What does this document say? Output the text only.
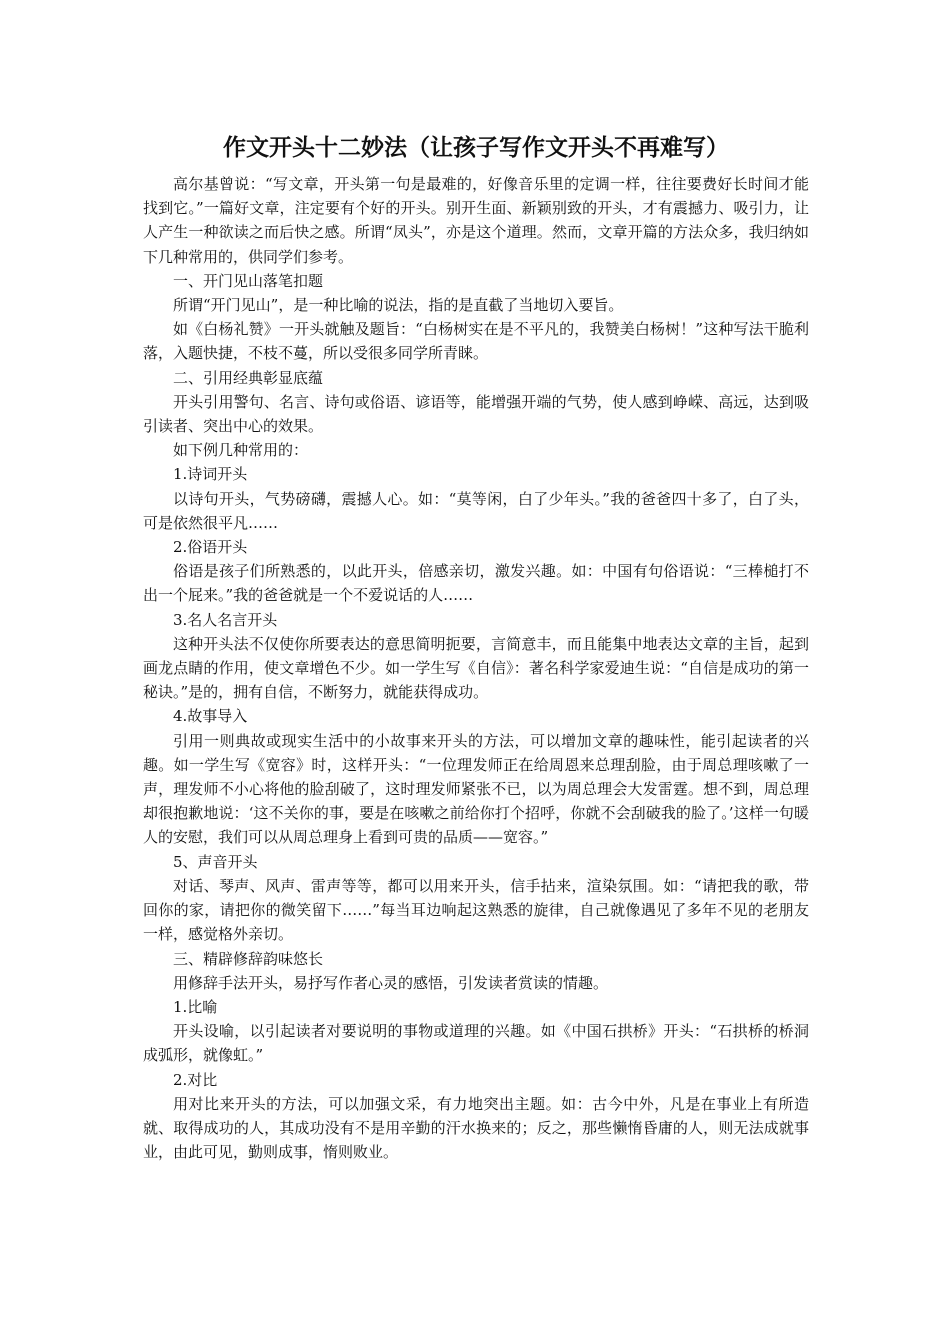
作文开头十二妙法（让孩子写作文开头不再难写）

高尔基曾说：“写文章，开头第一句是最难的，好像音乐里的定调一样，往往要费好长时间才能找到它。”一篇好文章，注定要有个好的开头。别开生面、新颖别致的开头，才有震撼力、吸引力，让人产生一种欲读之而后快之感。所谓“凤头”，亦是这个道理。然而，文章开篇的方法众多，我归纳如下几种常用的，供同学们参考。

一、开门见山落笔扣题

所谓“开门见山”，是一种比喻的说法，指的是直截了当地切入要旨。

如《白杨礼赞》一开头就触及题旨：“白杨树实在是不平凡的，我赞美白杨树！”这种写法干脆利落，入题快捷，不枝不蔓，所以受很多同学所青睐。

二、引用经典彰显底蕴

开头引用警句、名言、诗句或俗语、谚语等，能增强开端的气势，使人感到峥嵘、高远，达到吸引读者、突出中心的效果。

如下例几种常用的：

1.诗词开头

以诗句开头，气势磅礴，震撼人心。如：“莫等闲，白了少年头。”我的爸爸四十多了，白了头，可是依然很平凡……

2.俗语开头

俗语是孩子们所熟悉的，以此开头，倍感亲切，激发兴趣。如：中国有句俗语说：“三棒槌打不出一个屁来。”我的爸爸就是一个不爱说话的人……

3.名人名言开头

这种开头法不仅使你所要表达的意思简明扼要，言简意丰，而且能集中地表达文章的主旨，起到画龙点睛的作用，使文章增色不少。如一学生写《自信》：著名科学家爱迪生说：“自信是成功的第一秘诀。”是的，拥有自信，不断努力，就能获得成功。

4.故事导入

引用一则典故或现实生活中的小故事来开头的方法，可以增加文章的趣味性，能引起读者的兴趣。如一学生写《宽容》时，这样开头：“一位理发师正在给周恩来总理刮脸，由于周总理咳嗽了一声，理发师不小心将他的脸刮破了，这时理发师紧张不已，以为周总理会大发雷霆。想不到，周总理却很抱歉地说：‘这不关你的事，要是在咳嗽之前给你打个招呼，你就不会刮破我的脸了。’这样一句暖人的安慰，我们可以从周总理身上看到可贵的品质——宽容。”

5、声音开头

对话、琴声、风声、雷声等等，都可以用来开头，信手拈来，渲染氛围。如：“请把我的歌，带回你的家，请把你的微笑留下……”每当耳边响起这熟悉的旋律，自己就像遇见了多年不见的老朋友一样，感觉格外亲切。

三、精辟修辞韵味悠长

用修辞手法开头，易抒写作者心灵的感悟，引发读者赏读的情趣。

1.比喻

开头设喻，以引起读者对要说明的事物或道理的兴趣。如《中国石拱桥》开头：“石拱桥的桥洞成弧形，就像虹。”

2.对比

用对比来开头的方法，可以加强文采，有力地突出主题。如：古今中外，凡是在事业上有所造就、取得成功的人，其成功没有不是用辛勤的汗水换来的；反之，那些懒惰昏庸的人，则无法成就事业，由此可见，勤则成事，惰则败业。
